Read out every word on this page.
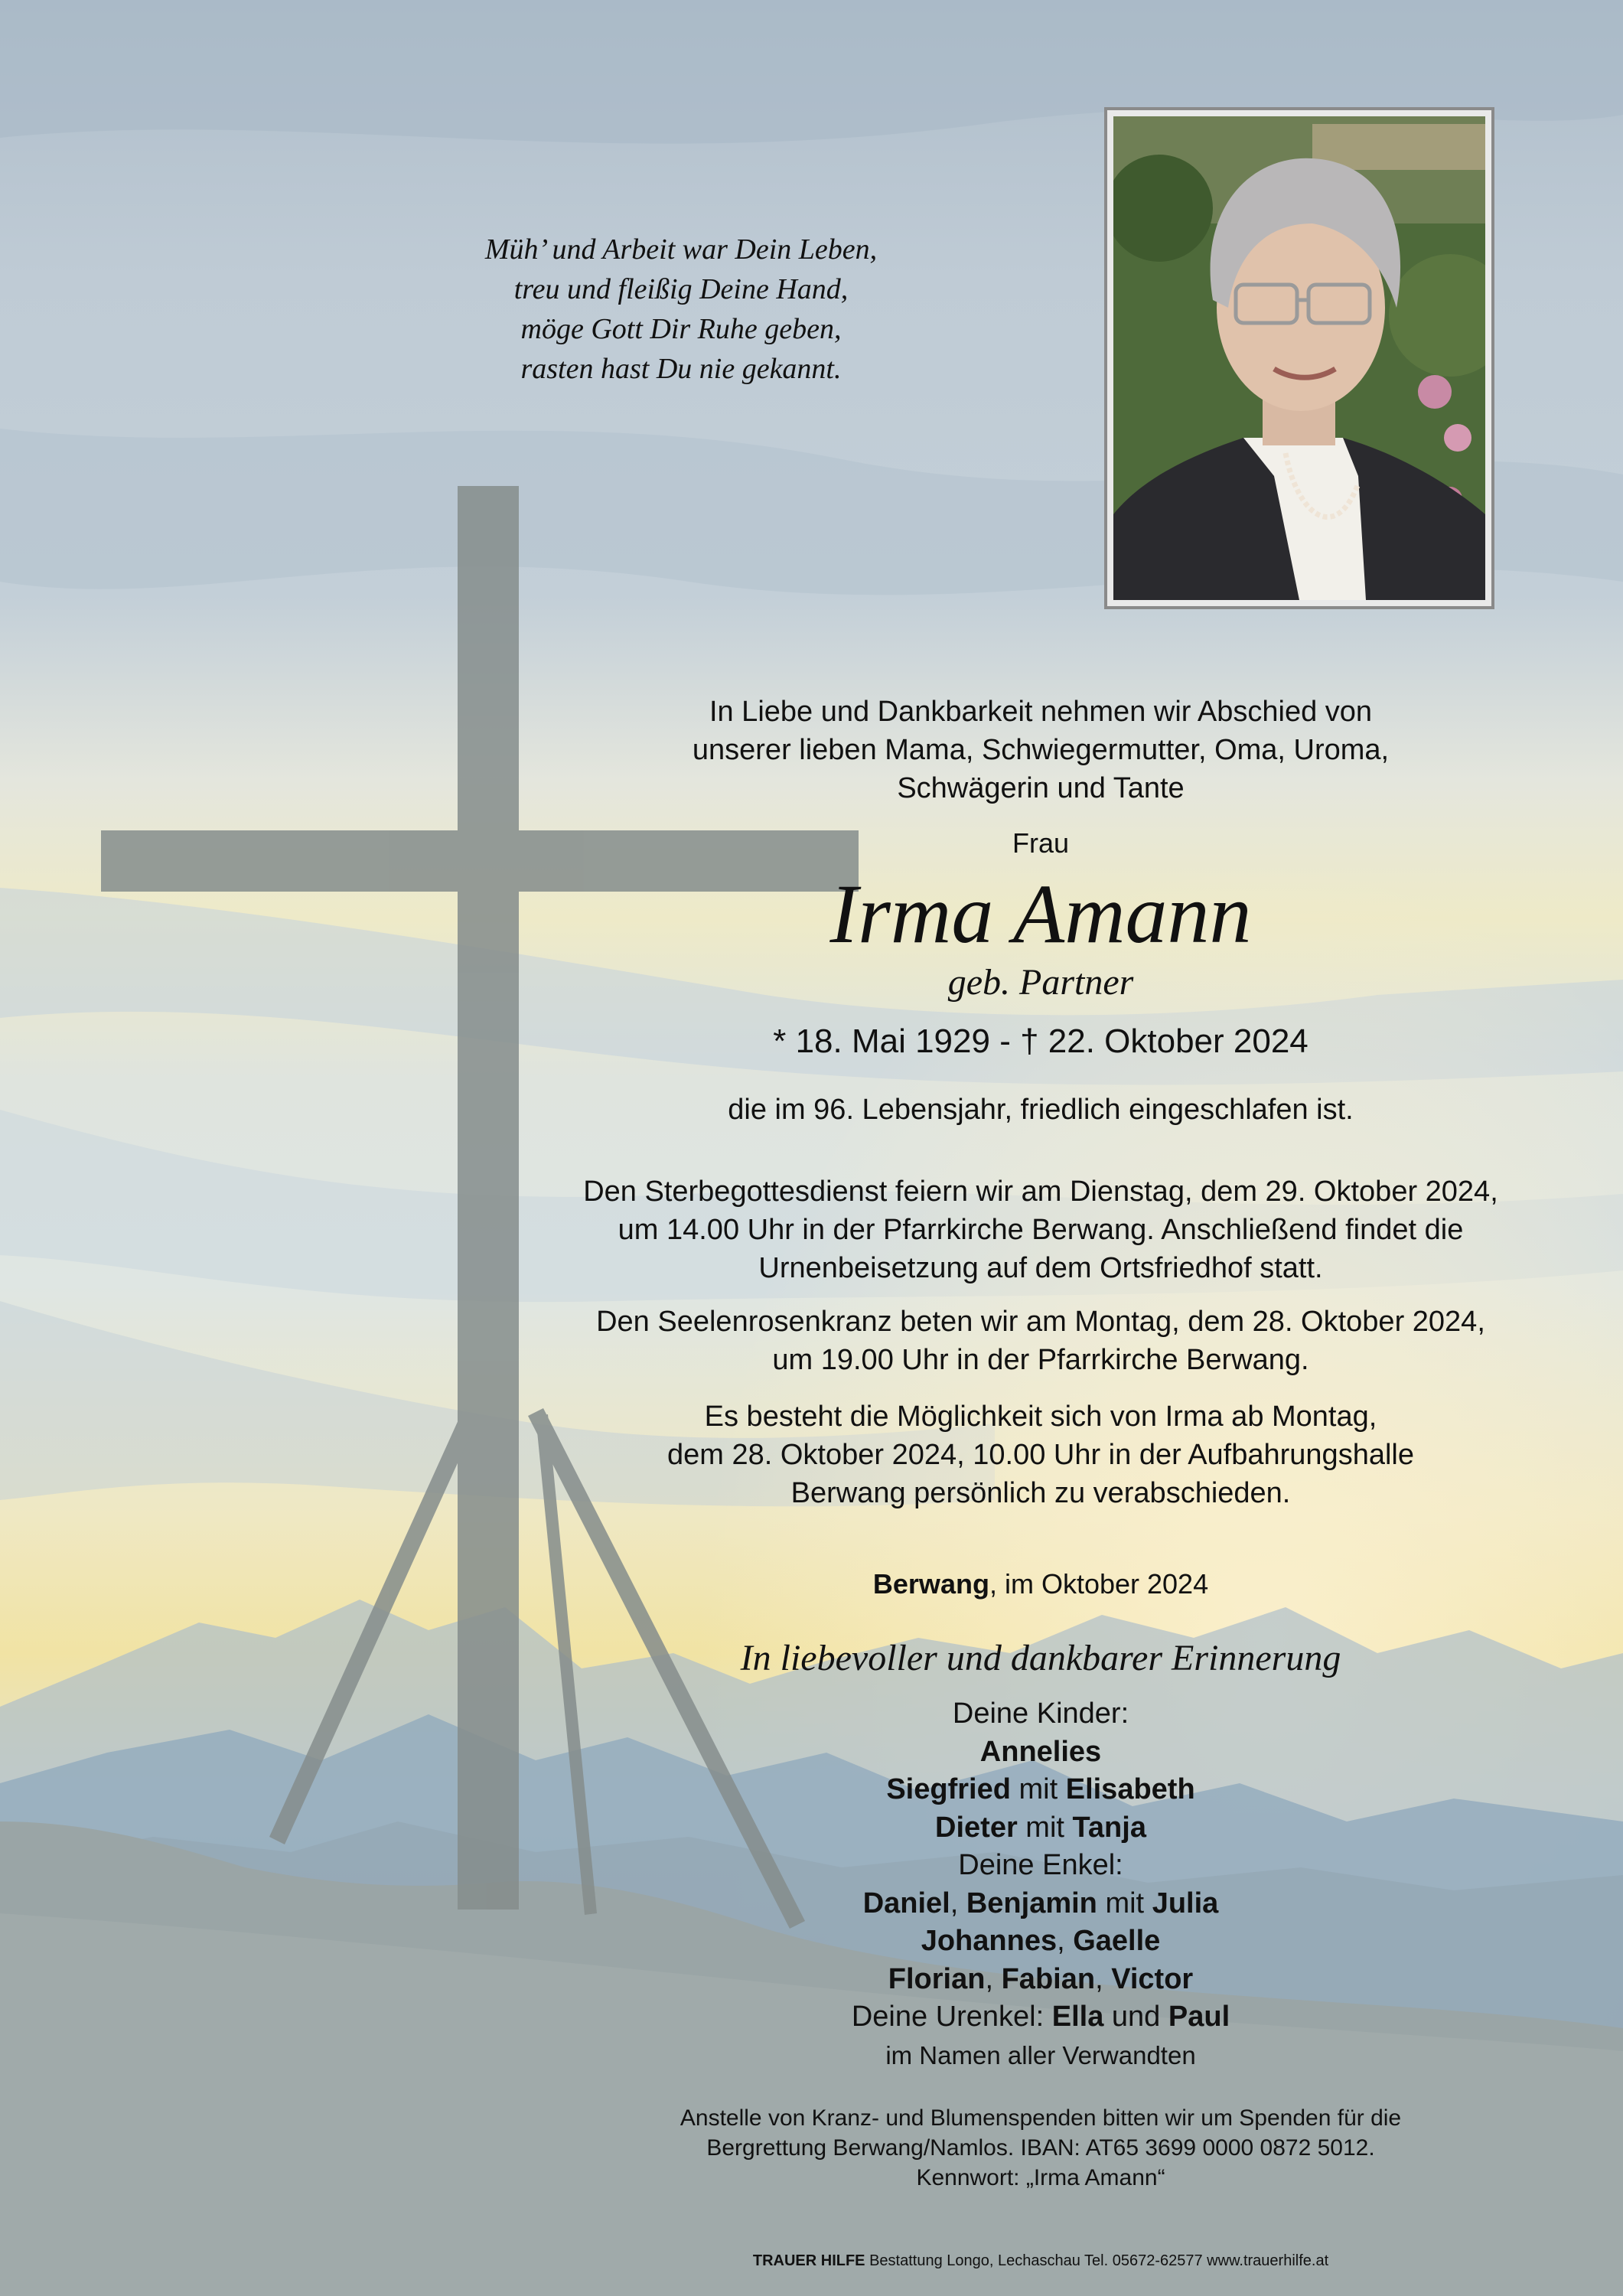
Müh’ und Arbeit war Dein Leben,
treu und fleißig Deine Hand,
möge Gott Dir Ruhe geben,
rasten hast Du nie gekannt.
In Liebe und Dankbarkeit nehmen wir Abschied von
unserer lieben Mama, Schwiegermutter, Oma, Uroma,
Schwägerin und Tante
Frau
Irma Amann
geb. Partner
* 18. Mai 1929 - † 22. Oktober 2024
die im 96. Lebensjahr, friedlich eingeschlafen ist.
Den Sterbegottesdienst feiern wir am Dienstag, dem 29. Oktober 2024,
um 14.00 Uhr in der Pfarrkirche Berwang. Anschließend findet die
Urnenbeisetzung auf dem Ortsfriedhof statt.
Den Seelenrosenkranz beten wir am Montag, dem 28. Oktober 2024,
um 19.00 Uhr in der Pfarrkirche Berwang.
Es besteht die Möglichkeit sich von Irma ab Montag,
dem 28. Oktober 2024, 10.00 Uhr in der Aufbahrungshalle
Berwang persönlich zu verabschieden.
Berwang, im Oktober 2024
In liebevoller und dankbarer Erinnerung
Deine Kinder:
Annelies
Siegfried mit Elisabeth
Dieter mit Tanja
Deine Enkel:
Daniel, Benjamin mit Julia
Johannes, Gaelle
Florian, Fabian, Victor
Deine Urenkel: Ella und Paul
im Namen aller Verwandten
Anstelle von Kranz- und Blumenspenden bitten wir um Spenden für die
Bergrettung Berwang/Namlos. IBAN: AT65 3699 0000 0872 5012.
Kennwort: „Irma Amann“
TRAUER HILFE Bestattung Longo, Lechaschau Tel. 05672-62577 www.trauerhilfe.at
